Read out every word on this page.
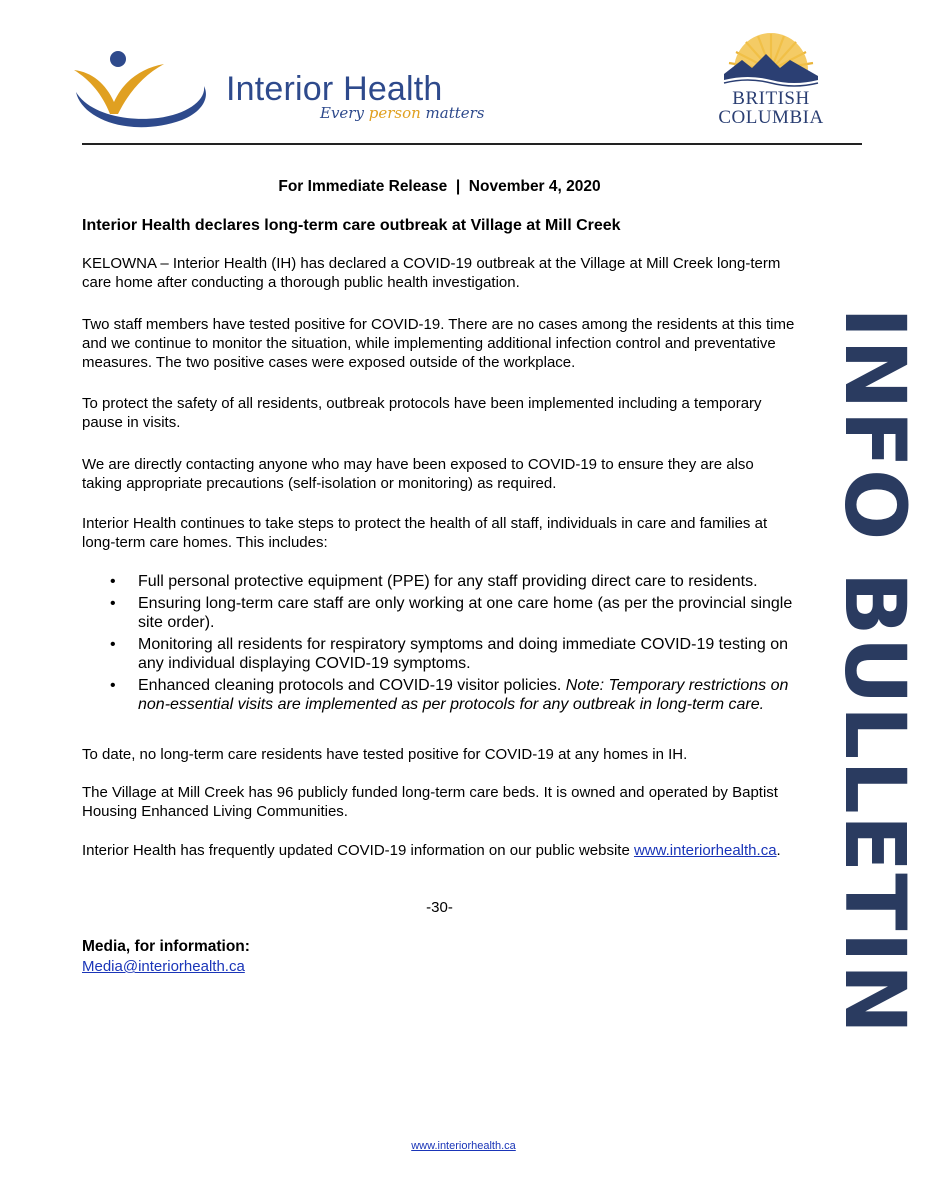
Interior Health
Every person matters
BRITISH
COLUMBIA
For Immediate Release  |  November 4, 2020
Interior Health declares long-term care outbreak at Village at Mill Creek
KELOWNA – Interior Health (IH) has declared a COVID-19 outbreak at the Village at Mill Creek long-term care home after conducting a thorough public health investigation.
Two staff members have tested positive for COVID-19. There are no cases among the residents at this time and we continue to monitor the situation, while implementing additional infection control and preventative measures. The two positive cases were exposed outside of the workplace.
To protect the safety of all residents, outbreak protocols have been implemented including a temporary pause in visits.
We are directly contacting anyone who may have been exposed to COVID-19 to ensure they are also taking appropriate precautions (self-isolation or monitoring) as required.
Interior Health continues to take steps to protect the health of all staff, individuals in care and families at long-term care homes. This includes:
• Full personal protective equipment (PPE) for any staff providing direct care to residents.
• Ensuring long-term care staff are only working at one care home (as per the provincial single site order).
• Monitoring all residents for respiratory symptoms and doing immediate COVID-19 testing on any individual displaying COVID-19 symptoms.
• Enhanced cleaning protocols and COVID-19 visitor policies. Note: Temporary restrictions on non-essential visits are implemented as per protocols for any outbreak in long-term care.
To date, no long-term care residents have tested positive for COVID-19 at any homes in IH.
The Village at Mill Creek has 96 publicly funded long-term care beds. It is owned and operated by Baptist Housing Enhanced Living Communities.
Interior Health has frequently updated COVID-19 information on our public website www.interiorhealth.ca.
-30-
Media, for information:
Media@interiorhealth.ca	INFO BULLETIN
www.interiorhealth.ca
